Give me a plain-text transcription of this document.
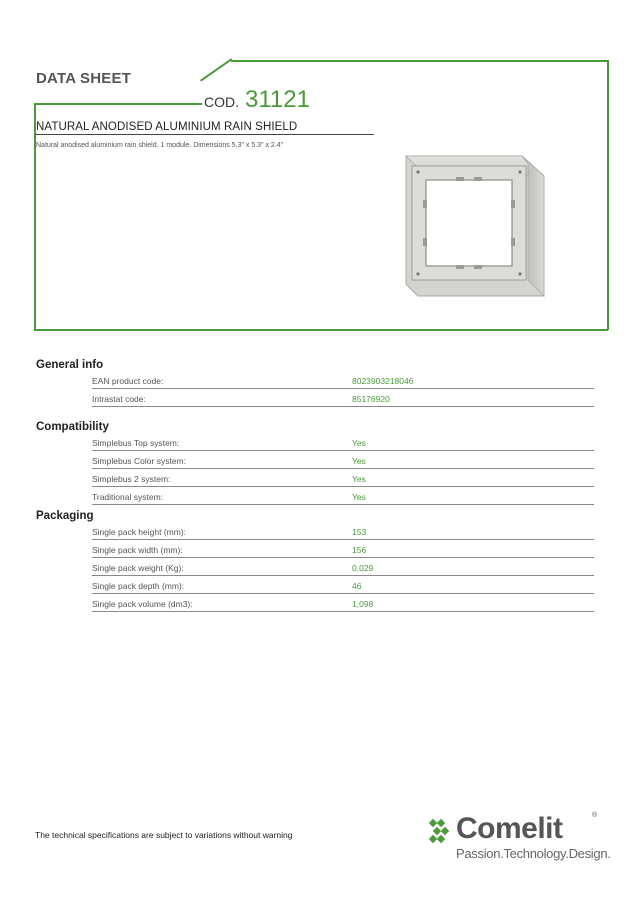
DATA SHEET
COD. 31121
NATURAL ANODISED ALUMINIUM RAIN SHIELD
Natural anodised aluminium rain shield. 1 module. Dimensions 5.3" x 5.3" x 2.4"
General info
EAN product code:	8023903218046
Intrastat code:	85176920
Compatibility
Simplebus Top system:	Yes
Simplebus Color system:	Yes
Simplebus 2 system:	Yes
Traditional system:	Yes
Packaging
Single pack height (mm):	153
Single pack width (mm):	156
Single pack weight (Kg):	0,029
Single pack depth (mm):	46
Single pack volume (dm3):	1,098
The technical specifications are subject to variations without warning	Comelit	®
Passion.Technology.Design.
